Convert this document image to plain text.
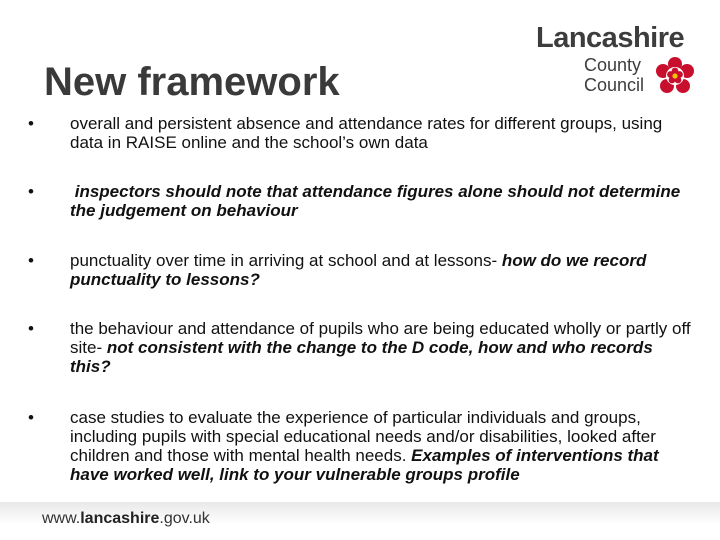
New framework
Lancashire
County
Council
• overall and persistent absence and attendance rates for different groups, using data in RAISE online and the school’s own data
• inspectors should note that attendance figures alone should not determine the judgement on behaviour
• punctuality over time in arriving at school and at lessons- how do we record punctuality to lessons?
• the behaviour and attendance of pupils who are being educated wholly or partly off site- not consistent with the change to the D code, how and who records this?
• case studies to evaluate the experience of particular individuals and groups, including pupils with special educational needs and/or disabilities, looked after children and those with mental health needs. Examples of interventions that have worked well, link to your vulnerable groups profile
www.lancashire.gov.uk
